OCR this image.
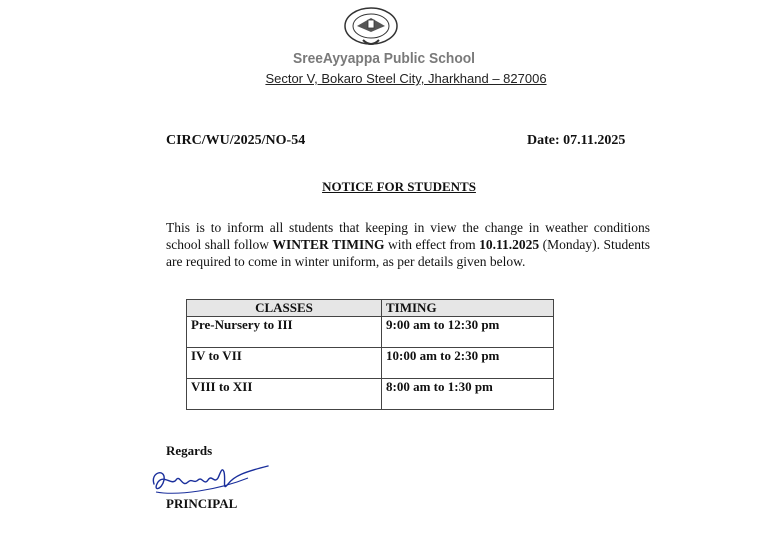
SreeAyyappa Public School
Sector V, Bokaro Steel City, Jharkhand – 827006
CIRC/WU/2025/NO-54	Date: 07.11.2025
NOTICE FOR STUDENTS
This is to inform all students that keeping in view the change in weather conditions school shall follow WINTER TIMING with effect from 10.11.2025 (Monday). Students are required to come in winter uniform, as per details given below.
CLASSES	TIMING
Pre-Nursery to III	9:00 am to 12:30 pm
IV to VII	10:00 am to 2:30 pm
VIII to XII	8:00 am to 1:30 pm
Regards
PRINCIPAL
